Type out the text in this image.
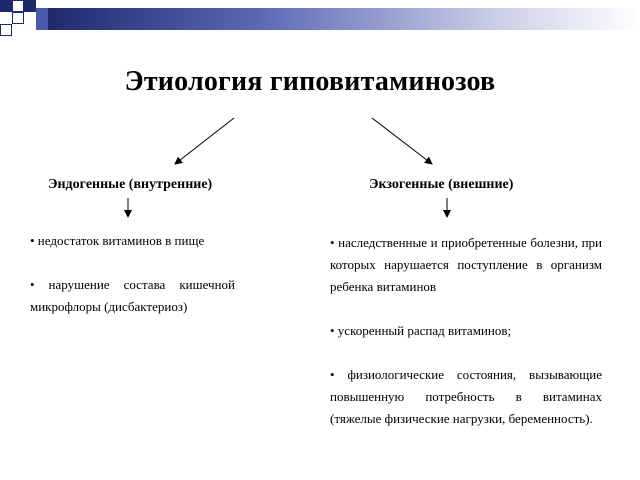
Этиология гиповитаминозов
Эндогенные (внутренние)	Экзогенные (внешние)
• недостаток витаминов в пище
• нарушение состава кишечной микрофлоры (дисбактериоз)
• наследственные и приобретенные болезни, при которых нарушается поступление в организм ребенка витаминов
• ускоренный распад витаминов;
• физиологические состояния, вызывающие повышенную потребность в витаминах (тяжелые физические нагрузки, беременность).
